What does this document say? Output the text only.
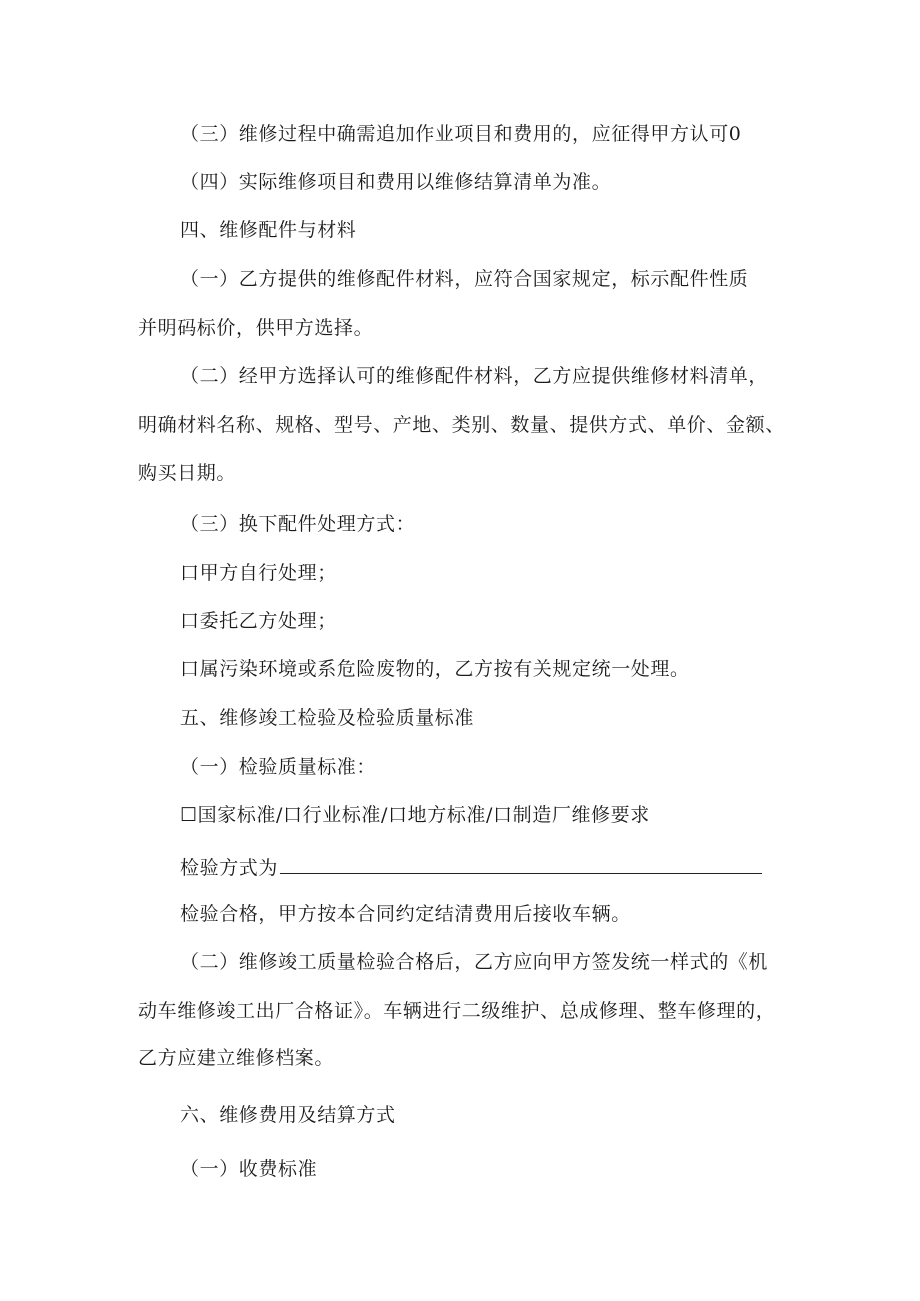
（三）维修过程中确需追加作业项目和费用的，应征得甲方认可0
（四）实际维修项目和费用以维修结算清单为准。
四、维修配件与材料
（一）乙方提供的维修配件材料，应符合国家规定，标示配件性质
并明码标价，供甲方选择。
（二）经甲方选择认可的维修配件材料，乙方应提供维修材料清单，
明确材料名称、规格、型号、产地、类别、数量、提供方式、单价、金额、
购买日期。
（三）换下配件处理方式：
口甲方自行处理；
口委托乙方处理；
口属污染环境或系危险废物的，乙方按有关规定统一处理。
五、维修竣工检验及检验质量标准
（一）检验质量标准：
☐国家标准/口行业标准/口地方标准/口制造厂维修要求
检验方式为
检验合格，甲方按本合同约定结清费用后接收车辆。
（二）维修竣工质量检验合格后，乙方应向甲方签发统一样式的《机
动车维修竣工出厂合格证》。车辆进行二级维护、总成修理、整车修理的，
乙方应建立维修档案。
六、维修费用及结算方式
（一）收费标准
